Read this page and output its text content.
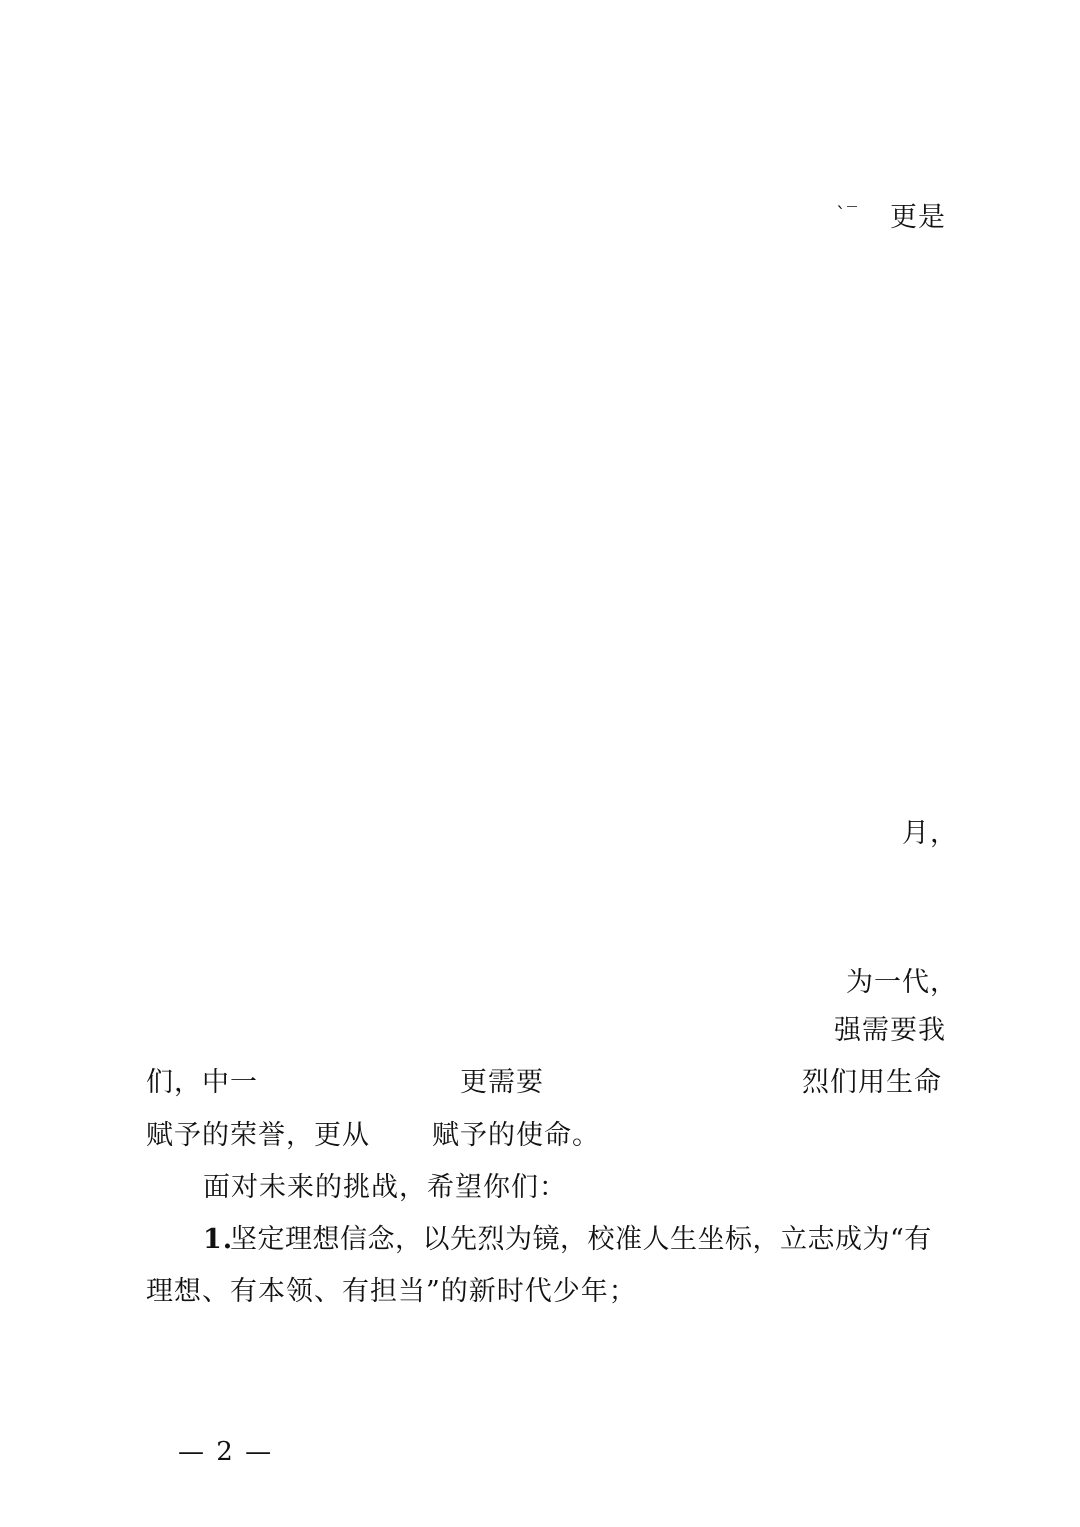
`‾ 更是
月，
为一代，
强需要我
们，中一	更需要	烈们用生命
赋予的荣誉，更从 赋予的使命。
面对未来的挑战，希望你们：
1.
坚定理想信念，以先烈为镜，校准人生坐标，立志成为“有
理想、有本领、有担当”的新时代少年；
— 2 —
